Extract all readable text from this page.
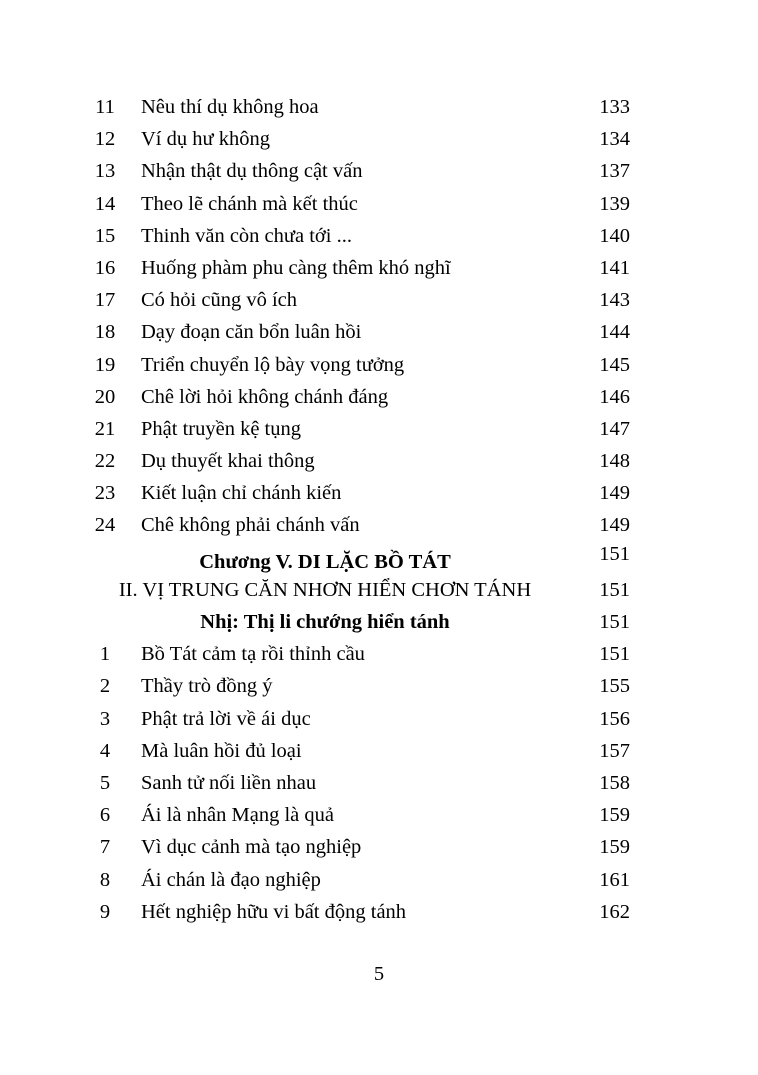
11	Nêu thí dụ không hoa	133
12	Ví dụ hư không	134
13	Nhận thật dụ thông cật vấn	137
14	Theo lẽ chánh mà kết thúc	139
15	Thinh văn còn chưa tới ...	140
16	Huống phàm phu càng thêm khó nghĩ	141
17	Có hỏi cũng vô ích	143
18	Dạy đoạn căn bổn luân hồi	144
19	Triển chuyển lộ bày vọng tưởng	145
20	Chê lời hỏi không chánh đáng	146
21	Phật truyền kệ tụng	147
22	Dụ thuyết khai thông	148
23	Kiết luận chỉ chánh kiến	149
24	Chê không phải chánh vấn	149
Chương V. DI LẶC BỒ TÁT	151
II. VỊ TRUNG CĂN NHƠN HIỂN CHƠN TÁNH	151
Nhị: Thị li chướng hiển tánh	151
1	Bồ Tát cảm tạ rồi thỉnh cầu	151
2	Thầy trò đồng ý	155
3	Phật trả lời về ái dục	156
4	Mà luân hồi đủ loại	157
5	Sanh tử nối liền nhau	158
6	Ái là nhân Mạng là quả	159
7	Vì dục cảnh mà tạo nghiệp	159
8	Ái chán là đạo nghiệp	161
9	Hết nghiệp hữu vi bất động tánh	162
5
